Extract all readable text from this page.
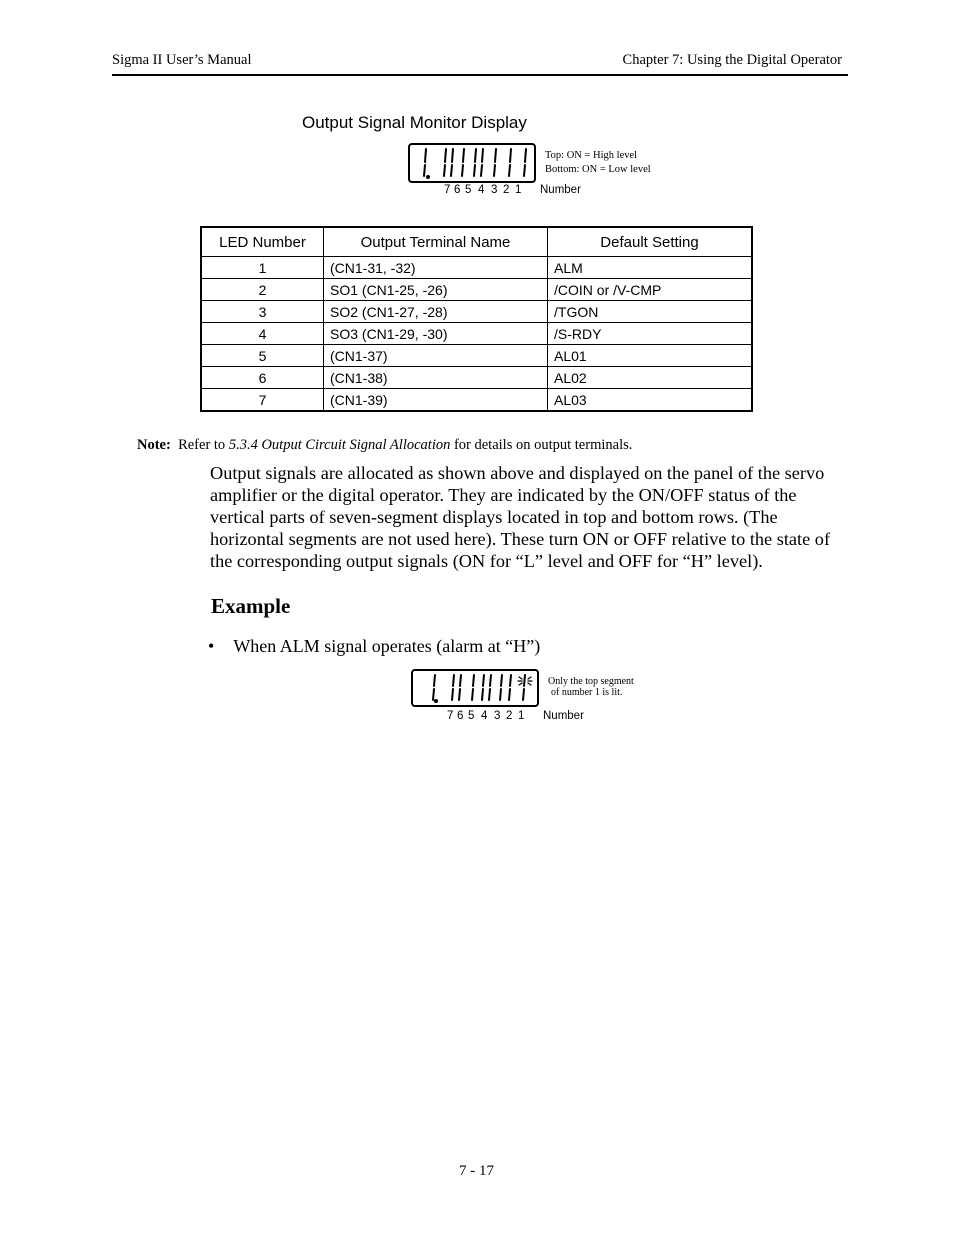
Sigma II User’s Manual	Chapter 7: Using the Digital Operator
Output Signal Monitor Display
Top: ON = High level
Bottom: ON = Low level
7 6 5 4 3 2 1	Number
LED Number	Output Terminal Name	Default Setting
1	(CN1-31, -32)	ALM
2	SO1 (CN1-25, -26)	/COIN or /V-CMP
3	SO2 (CN1-27, -28)	/TGON
4	SO3 (CN1-29, -30)	/S-RDY
5	(CN1-37)	AL01
6	(CN1-38)	AL02
7	(CN1-39)	AL03
Note: Refer to 5.3.4 Output Circuit Signal Allocation for details on output terminals.
Output signals are allocated as shown above and displayed on the panel of the servo amplifier or the digital operator. They are indicated by the ON/OFF status of the vertical parts of seven-segment displays located in top and bottom rows. (The horizontal segments are not used here). These turn ON or OFF relative to the state of the corresponding output signals (ON for “L” level and OFF for “H” level).
Example
• When ALM signal operates (alarm at “H”)
Only the top segment
of number 1 is lit.
7 6 5 4 3 2 1	Number
7 - 17
